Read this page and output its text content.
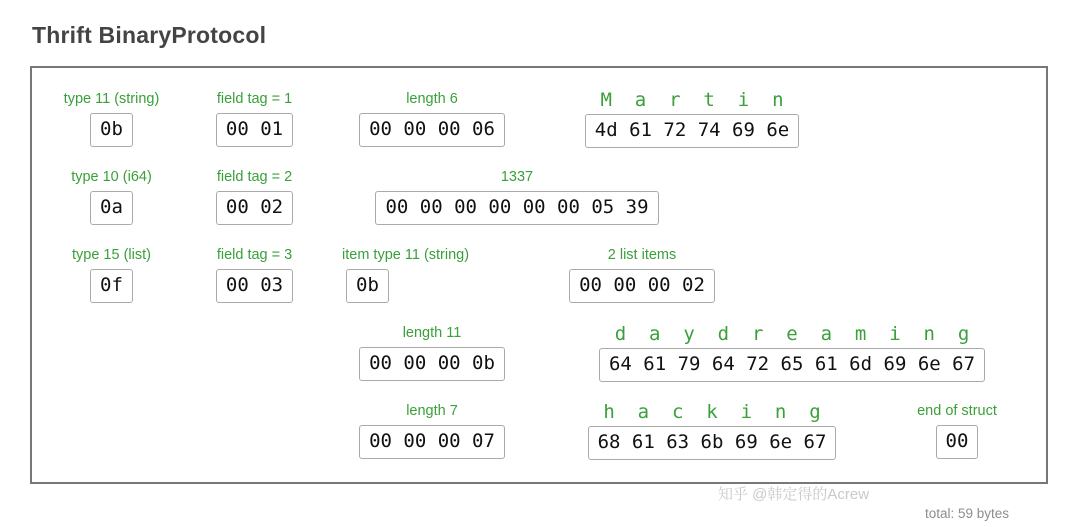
Thrift BinaryProtocol
type 11 (string)
0b
field tag = 1
00 01
length 6
00 00 00 06
M  a  r  t  i  n
4d 61 72 74 69 6e
type 10 (i64)
0a
field tag = 2
00 02
1337
00 00 00 00 00 00 05 39
type 15 (list)
0f
field tag = 3
00 03
item type 11 (string)
0b
2 list items
00 00 00 02
length 11
00 00 00 0b
d  a  y  d  r  e  a  m  i  n  g
64 61 79 64 72 65 61 6d 69 6e 67
length 7
00 00 00 07
h  a  c  k  i  n  g
68 61 63 6b 69 6e 67
end of struct
00
知乎 @韩定得的Acrew
total: 59 bytes
